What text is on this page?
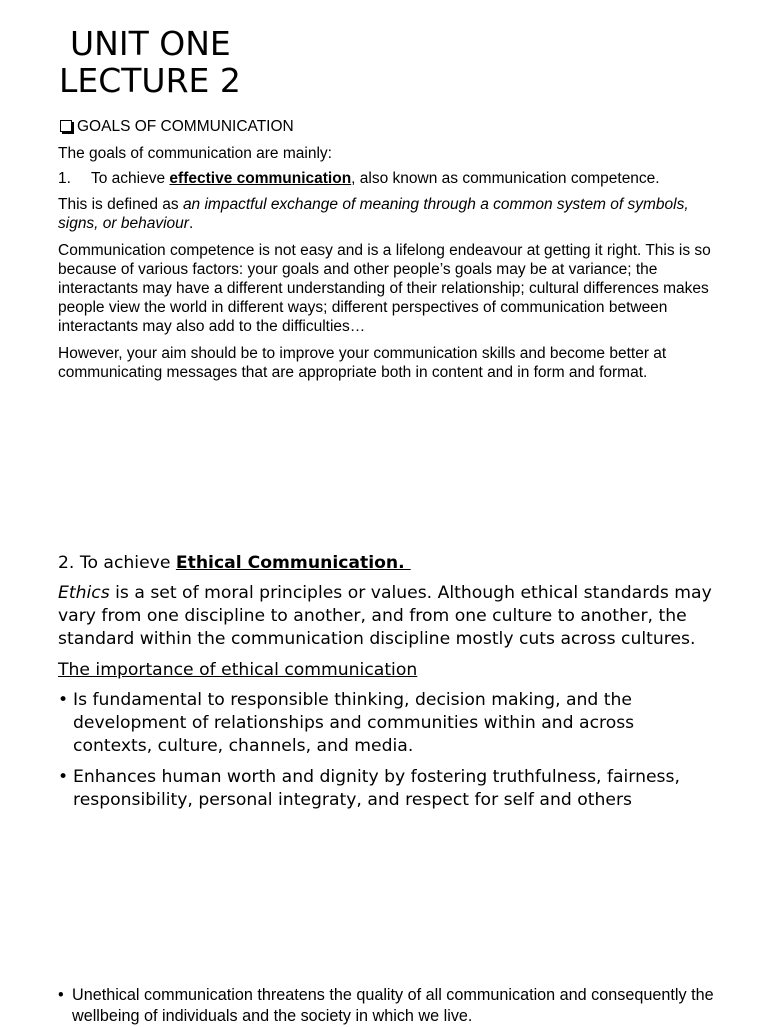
UNIT ONE
LECTURE 2
GOALS OF COMMUNICATION
The goals of communication are mainly:
1. To achieve effective communication, also known as communication competence.
This is defined as an impactful exchange of meaning through a common system of symbols, signs, or behaviour.

Communication competence is not easy and is a lifelong endeavour at getting it right. This is so because of various factors: your goals and other people’s goals may be at variance; the interactants may have a different understanding of their relationship; cultural differences makes people view the world in different ways; different perspectives of communication between interactants may also add to the difficulties…

However, your aim should be to improve your communication skills and become better at communicating messages that are appropriate both in content and in form and format.

2. To achieve Ethical Communication.

Ethics is a set of moral principles or values. Although ethical standards may vary from one discipline to another, and from one culture to another, the standard within the communication discipline mostly cuts across cultures.

The importance of ethical communication
• Is fundamental to responsible thinking, decision making, and the development of relationships and communities within and across contexts, culture, channels, and media.
• Enhances human worth and dignity by fostering truthfulness, fairness, responsibility, personal integraty, and respect for self and others
• Unethical communication threatens the quality of all communication and consequently the wellbeing of individuals and the society in which we live.
